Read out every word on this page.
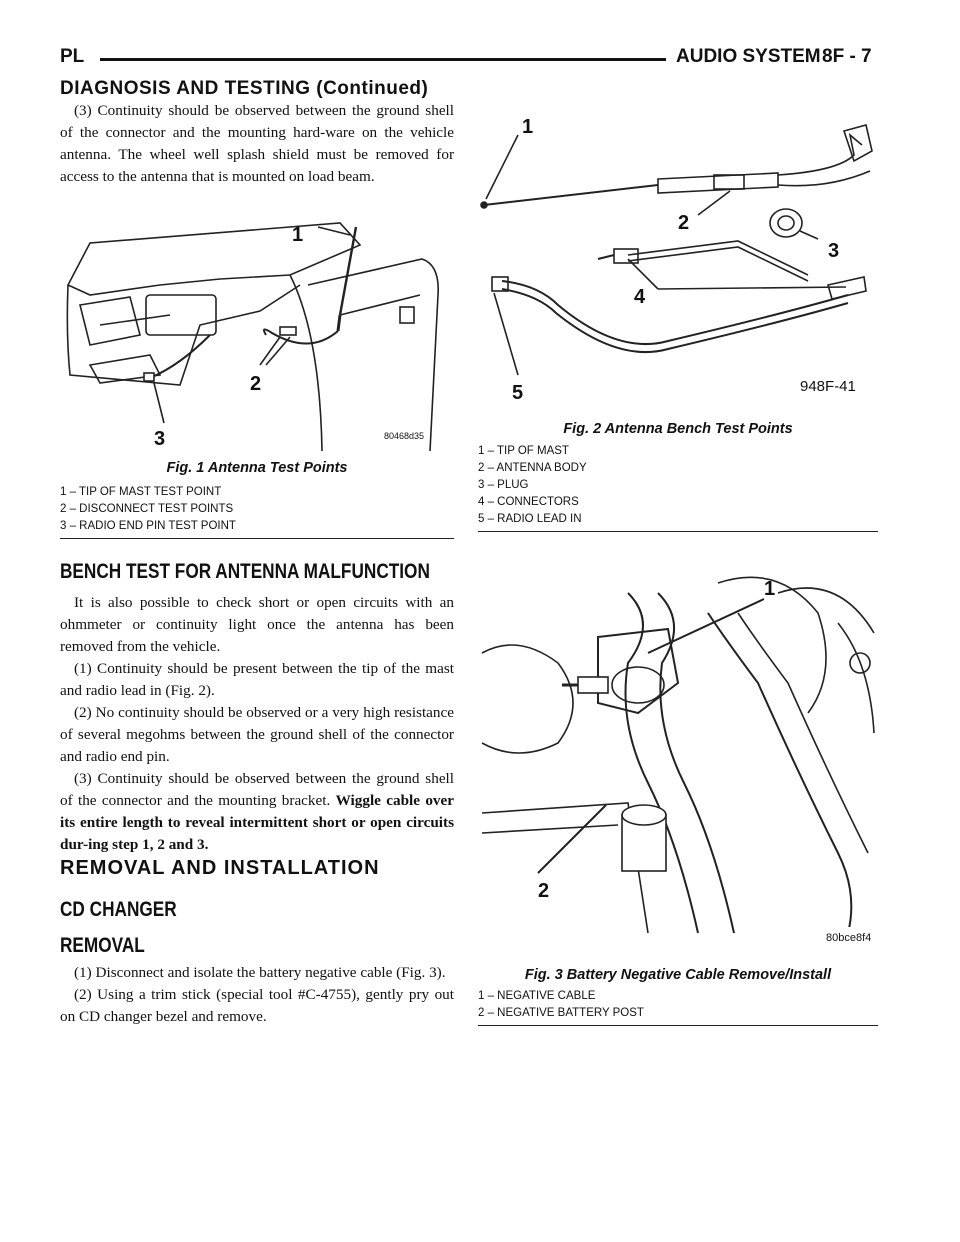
PL	AUDIO SYSTEM 8F - 7
DIAGNOSIS AND TESTING (Continued)

(3) Continuity should be observed between the ground shell of the connector and the mounting hard-ware on the vehicle antenna. The wheel well splash shield must be removed for access to the antenna that is mounted on load beam.

1
2
3	80468d35
Fig. 1 Antenna Test Points
1 – TIP OF MAST TEST POINT
2 – DISCONNECT TEST POINTS
3 – RADIO END PIN TEST POINT
BENCH TEST FOR ANTENNA MALFUNCTION

It is also possible to check short or open circuits with an ohmmeter or continuity light once the antenna has been removed from the vehicle.

(1) Continuity should be present between the tip of the mast and radio lead in (Fig. 2).

(2) No continuity should be observed or a very high resistance of several megohms between the ground shell of the connector and radio end pin.

(3) Continuity should be observed between the ground shell of the connector and the mounting bracket. Wiggle cable over its entire length to reveal intermittent short or open circuits dur-ing step 1, 2 and 3.

REMOVAL AND INSTALLATION
CD CHANGER
REMOVAL

(1) Disconnect and isolate the battery negative cable (Fig. 3).

(2) Using a trim stick (special tool #C-4755), gently pry out on CD changer bezel and remove.

1
2
3
4
5	948F-41
Fig. 2 Antenna Bench Test Points
1 – TIP OF MAST
2 – ANTENNA BODY
3 – PLUG
4 – CONNECTORS
5 – RADIO LEAD IN
1
2
80bce8f4
Fig. 3 Battery Negative Cable Remove/Install
1 – NEGATIVE CABLE
2 – NEGATIVE BATTERY POST
